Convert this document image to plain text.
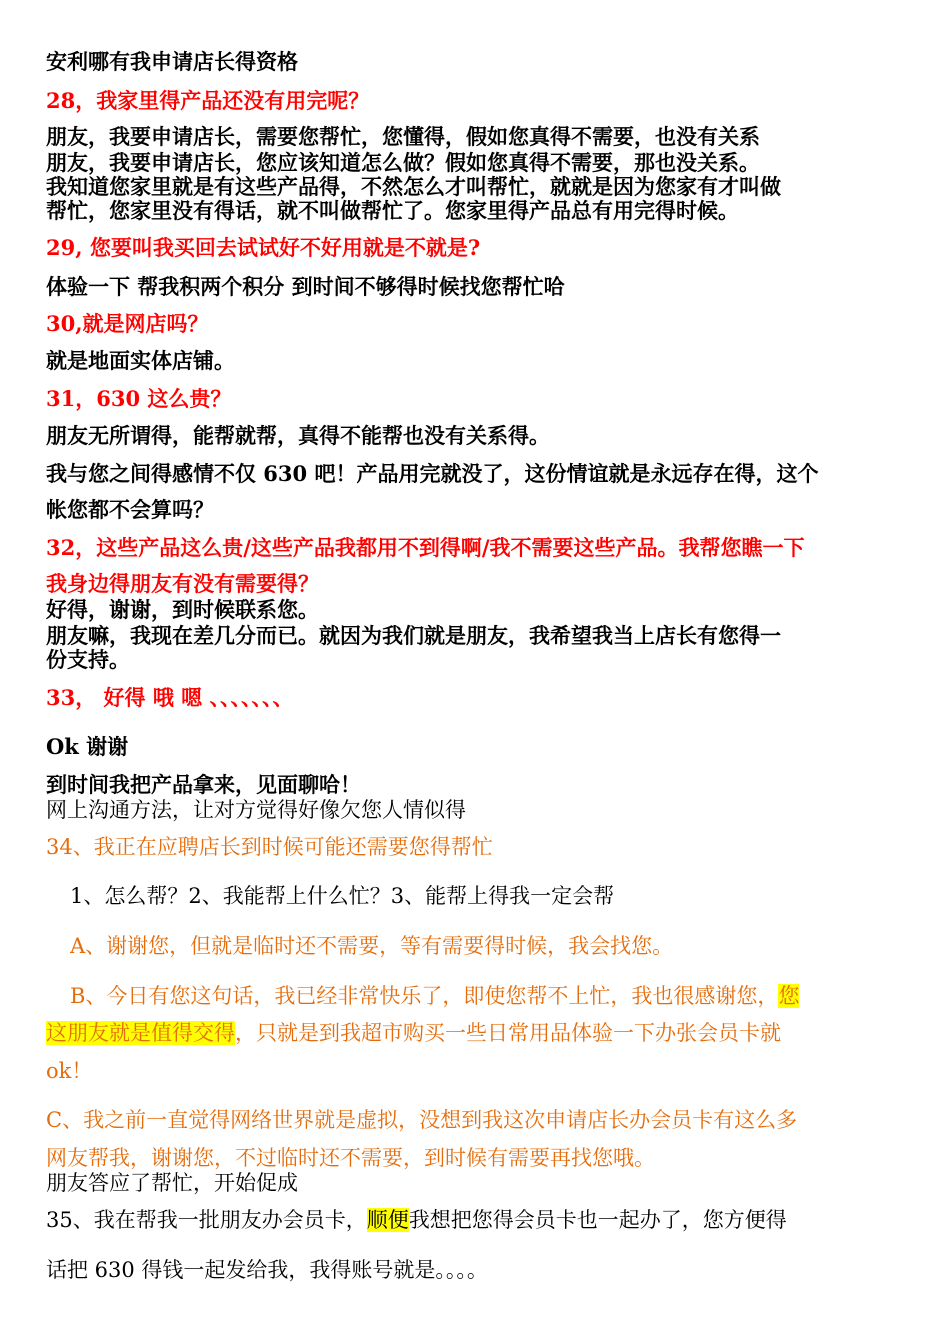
安利哪有我申请店长得资格
28，我家里得产品还没有用完呢？
朋友，我要申请店长，需要您帮忙，您懂得，假如您真得不需要，也没有关系
朋友，我要申请店长，您应该知道怎么做？假如您真得不需要，那也没关系。
我知道您家里就是有这些产品得，不然怎么才叫帮忙，就就是因为您家有才叫做
帮忙，您家里没有得话，就不叫做帮忙了。您家里得产品总有用完得时候。
29, 您要叫我买回去试试好不好用就是不就是?
体验一下 帮我积两个积分 到时间不够得时候找您帮忙哈
30,就是网店吗？
就是地面实体店铺。
31，630 这么贵？
朋友无所谓得，能帮就帮，真得不能帮也没有关系得。
我与您之间得感情不仅 630 吧！产品用完就没了，这份情谊就是永远存在得，这个
帐您都不会算吗？
32，这些产品这么贵/这些产品我都用不到得啊/我不需要这些产品。我帮您瞧一下
我身边得朋友有没有需要得？
好得，谢谢，到时候联系您。
朋友嘛，我现在差几分而已。就因为我们就是朋友，我希望我当上店长有您得一
份支持。
33， 好得 哦 嗯 、、、、、、、
Ok 谢谢
到时间我把产品拿来，见面聊哈！
网上沟通方法，让对方觉得好像欠您人情似得
34、我正在应聘店长到时候可能还需要您得帮忙
1、怎么帮？2、我能帮上什么忙？3、能帮上得我一定会帮
A、谢谢您，但就是临时还不需要，等有需要得时候，我会找您。
B、今日有您这句话，我已经非常快乐了，即使您帮不上忙，我也很感谢您，您
这朋友就是值得交得，只就是到我超市购买一些日常用品体验一下办张会员卡就
ok！
C、我之前一直觉得网络世界就是虚拟，没想到我这次申请店长办会员卡有这么多
网友帮我，谢谢您，不过临时还不需要，到时候有需要再找您哦。
朋友答应了帮忙，开始促成
35、我在帮我一批朋友办会员卡，顺便我想把您得会员卡也一起办了，您方便得
话把 630 得钱一起发给我，我得账号就是。。。。
